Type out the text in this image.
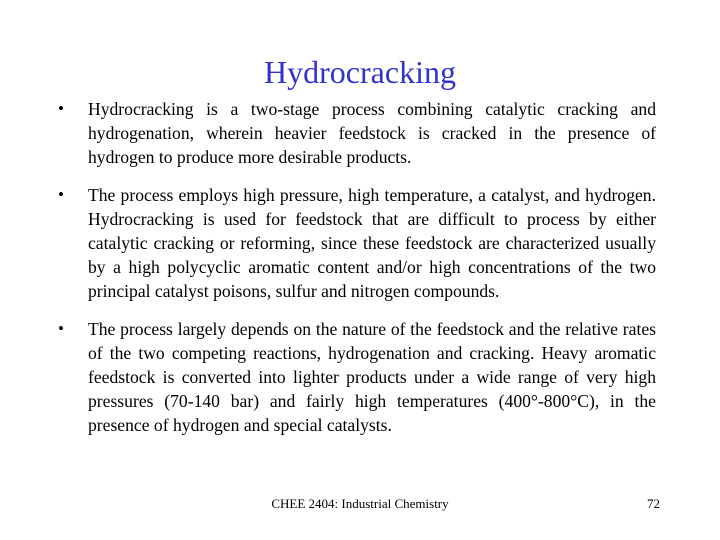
Hydrocracking
• Hydrocracking is a two-stage process combining catalytic cracking and hydrogenation, wherein heavier feedstock is cracked in the presence of hydrogen to produce more desirable products.
• The process employs high pressure, high temperature, a catalyst, and hydrogen. Hydrocracking is used for feedstock that are difficult to process by either catalytic cracking or reforming, since these feedstock are characterized usually by a high polycyclic aromatic content and/or high concentrations of the two principal catalyst poisons, sulfur and nitrogen compounds.
• The process largely depends on the nature of the feedstock and the relative rates of the two competing reactions, hydrogenation and cracking. Heavy aromatic feedstock is converted into lighter products under a wide range of very high pressures (70-140 bar) and fairly high temperatures (400°-800°C), in the presence of hydrogen and special catalysts.
CHEE 2404: Industrial Chemistry	72
